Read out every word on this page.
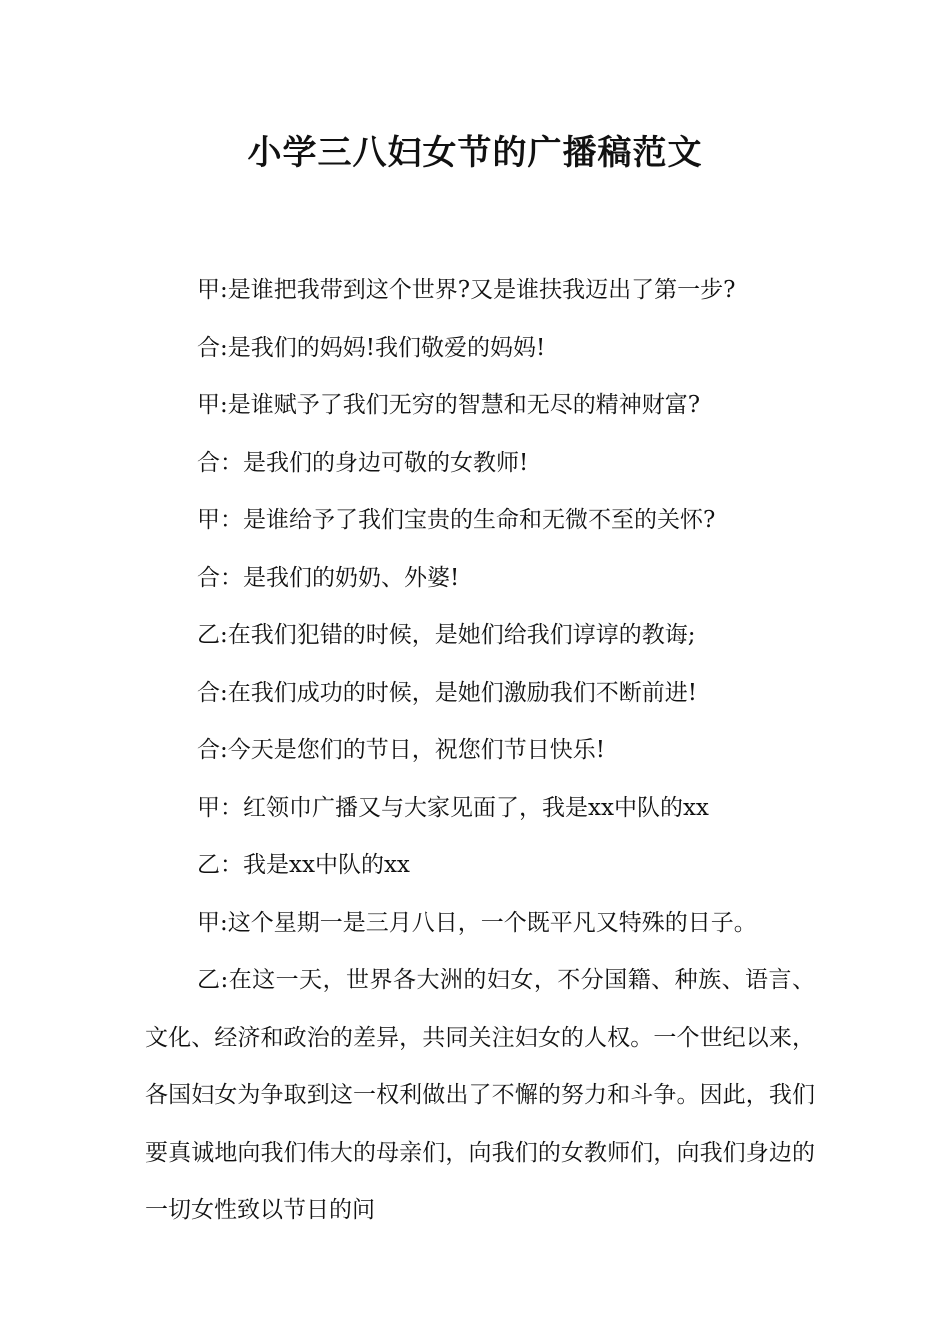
小学三八妇女节的广播稿范文

甲:是谁把我带到这个世界?又是谁扶我迈出了第一步?

合:是我们的妈妈!我们敬爱的妈妈!

甲:是谁赋予了我们无穷的智慧和无尽的精神财富?

合：是我们的身边可敬的女教师!

甲：是谁给予了我们宝贵的生命和无微不至的关怀?

合：是我们的奶奶、外婆!

乙:在我们犯错的时候，是她们给我们谆谆的教诲;

合:在我们成功的时候，是她们激励我们不断前进!

合:今天是您们的节日，祝您们节日快乐!

甲：红领巾广播又与大家见面了，我是xx中队的xx

乙：我是xx中队的xx

甲:这个星期一是三月八日，一个既平凡又特殊的日子。

乙:在这一天，世界各大洲的妇女，不分国籍、种族、语言、文化、经济和政治的差异，共同关注妇女的人权。一个世纪以来，各国妇女为争取到这一权利做出了不懈的努力和斗争。因此，我们要真诚地向我们伟大的母亲们，向我们的女教师们，向我们身边的一切女性致以节日的问
